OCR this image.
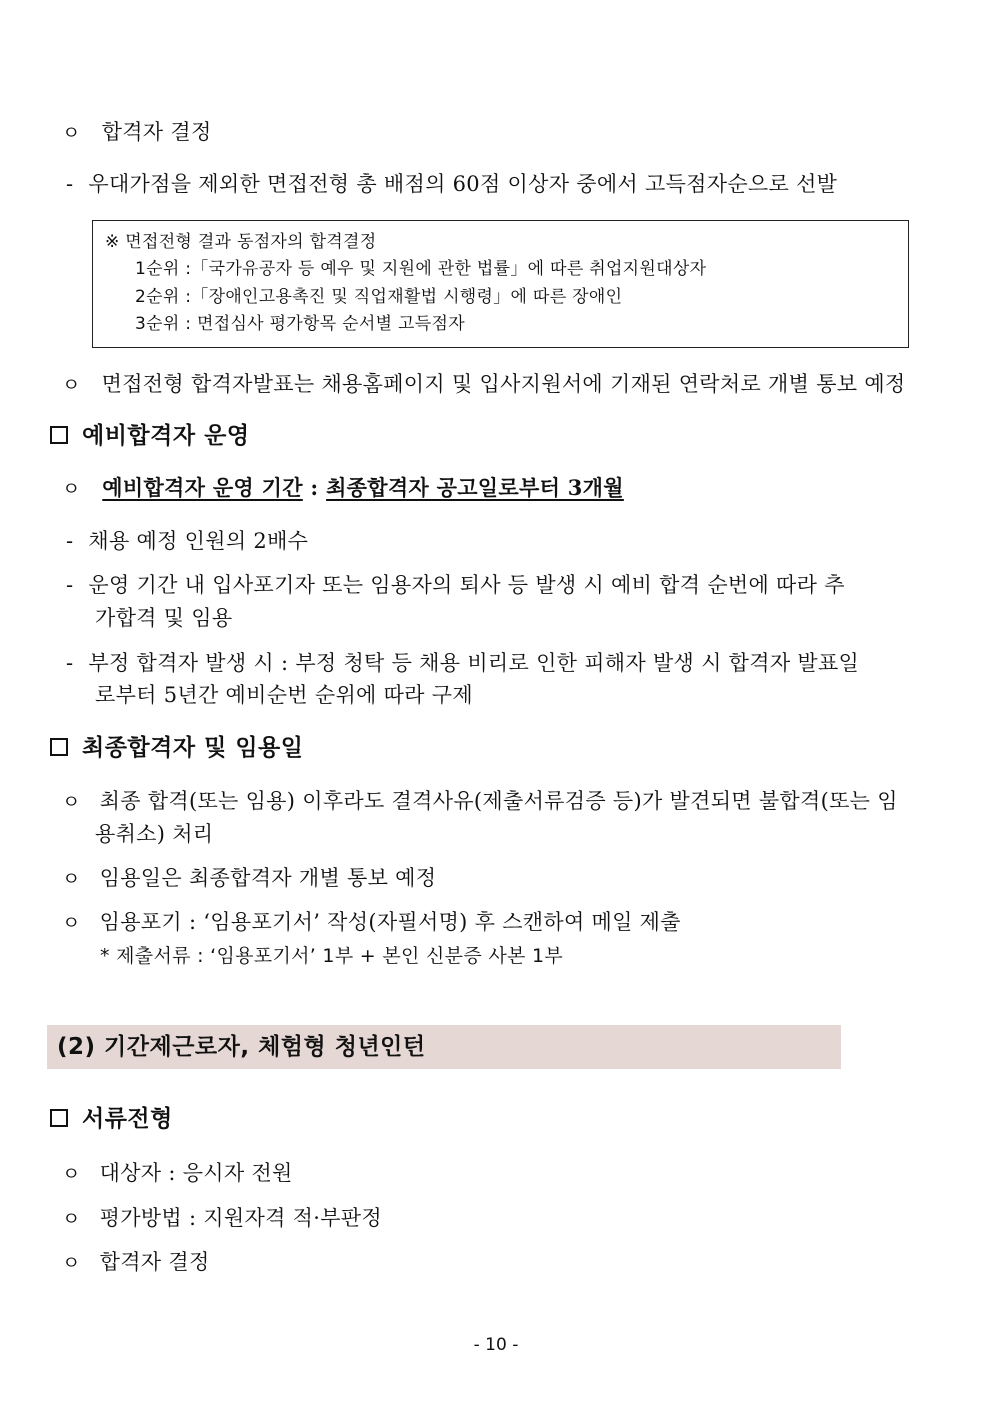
ㅇ 합격자 결정
- 우대가점을 제외한 면접전형 총 배점의 60점 이상자 중에서 고득점자순으로 선발
※ 면접전형 결과 동점자의 합격결정
1순위 :「국가유공자 등 예우 및 지원에 관한 법률」에 따른 취업지원대상자
2순위 :「장애인고용촉진 및 직업재활법 시행령」에 따른 장애인
3순위 : 면접심사 평가항목 순서별 고득점자
ㅇ 면접전형 합격자발표는 채용홈페이지 및 입사지원서에 기재된 연락처로 개별 통보 예정
예비합격자 운영
ㅇ 예비합격자 운영 기간 : 최종합격자 공고일로부터 3개월
- 채용 예정 인원의 2배수
- 운영 기간 내 입사포기자 또는 임용자의 퇴사 등 발생 시 예비 합격 순번에 따라 추
가합격 및 임용
- 부정 합격자 발생 시 : 부정 청탁 등 채용 비리로 인한 피해자 발생 시 합격자 발표일
로부터 5년간 예비순번 순위에 따라 구제
최종합격자 및 임용일
ㅇ 최종 합격(또는 임용) 이후라도 결격사유(제출서류검증 등)가 발견되면 불합격(또는 임
용취소) 처리
ㅇ 임용일은 최종합격자 개별 통보 예정
ㅇ 임용포기 : ‘임용포기서’ 작성(자필서명) 후 스캔하여 메일 제출
* 제출서류 : ‘임용포기서’ 1부 + 본인 신분증 사본 1부
(2) 기간제근로자, 체험형 청년인턴
서류전형
ㅇ 대상자 : 응시자 전원
ㅇ 평가방법 : 지원자격 적·부판정
ㅇ 합격자 결정
- 10 -
